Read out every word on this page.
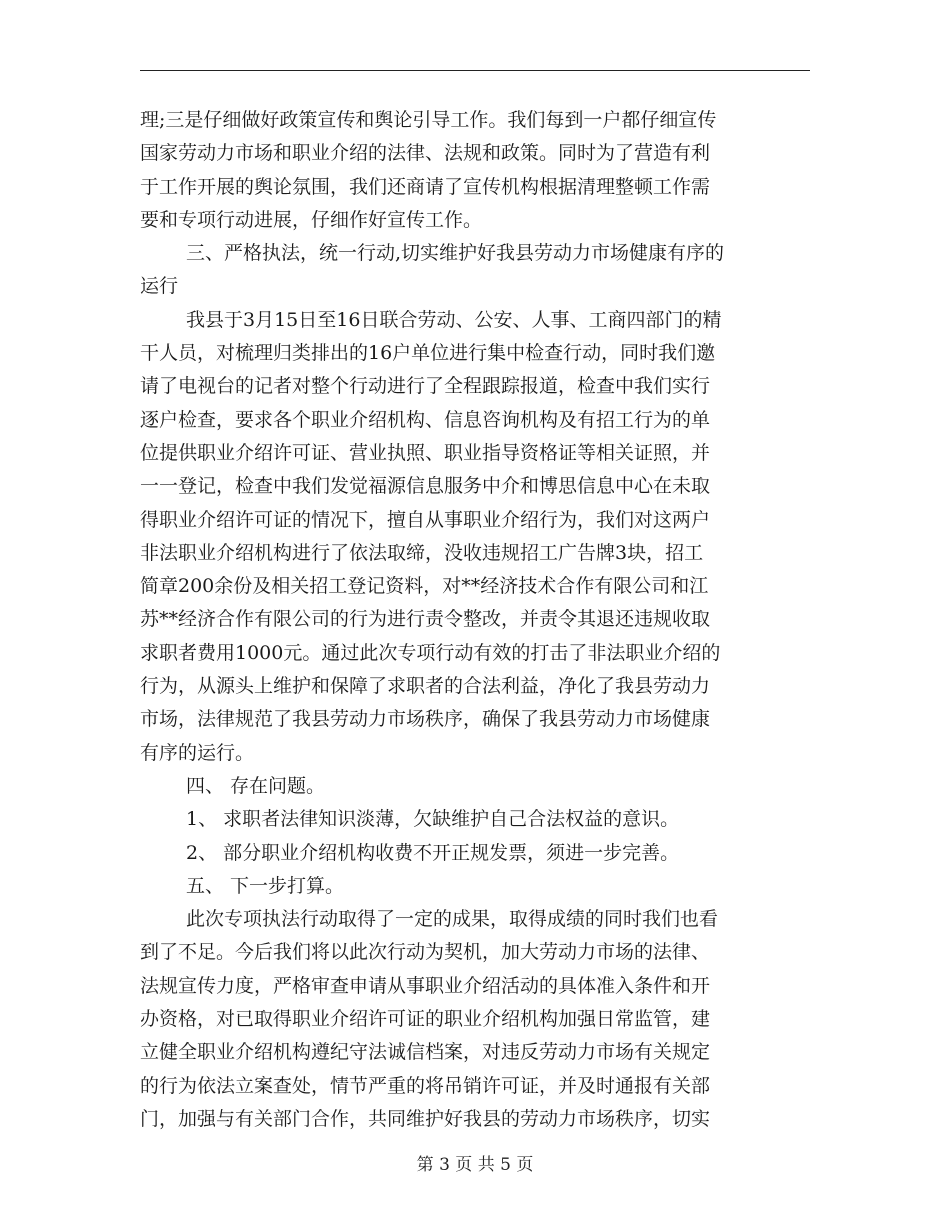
理;三是仔细做好政策宣传和舆论引导工作。我们每到一户都仔细宣传
国家劳动力市场和职业介绍的法律、法规和政策。同时为了营造有利
于工作开展的舆论氛围，我们还商请了宣传机构根据清理整顿工作需
要和专项行动进展，仔细作好宣传工作。
三、严格执法，统一行动,切实维护好我县劳动力市场健康有序的
运行
我县于3月15日至16日联合劳动、公安、人事、工商四部门的精
干人员，对梳理归类排出的16户单位进行集中检查行动，同时我们邀
请了电视台的记者对整个行动进行了全程跟踪报道，检查中我们实行
逐户检查，要求各个职业介绍机构、信息咨询机构及有招工行为的单
位提供职业介绍许可证、营业执照、职业指导资格证等相关证照，并
一一登记，检查中我们发觉福源信息服务中介和博思信息中心在未取
得职业介绍许可证的情况下，擅自从事职业介绍行为，我们对这两户
非法职业介绍机构进行了依法取缔，没收违规招工广告牌3块，招工
简章200余份及相关招工登记资料，对**经济技术合作有限公司和江
苏**经济合作有限公司的行为进行责令整改，并责令其退还违规收取
求职者费用1000元。通过此次专项行动有效的打击了非法职业介绍的
行为，从源头上维护和保障了求职者的合法利益，净化了我县劳动力
市场，法律规范了我县劳动力市场秩序，确保了我县劳动力市场健康
有序的运行。
四、 存在问题。
1、 求职者法律知识淡薄，欠缺维护自己合法权益的意识。
2、 部分职业介绍机构收费不开正规发票，须进一步完善。
五、 下一步打算。
此次专项执法行动取得了一定的成果，取得成绩的同时我们也看
到了不足。今后我们将以此次行动为契机，加大劳动力市场的法律、
法规宣传力度，严格审查申请从事职业介绍活动的具体准入条件和开
办资格，对已取得职业介绍许可证的职业介绍机构加强日常监管，建
立健全职业介绍机构遵纪守法诚信档案，对违反劳动力市场有关规定
的行为依法立案查处，情节严重的将吊销许可证，并及时通报有关部
门，加强与有关部门合作，共同维护好我县的劳动力市场秩序，切实
第 3 页 共 5 页
